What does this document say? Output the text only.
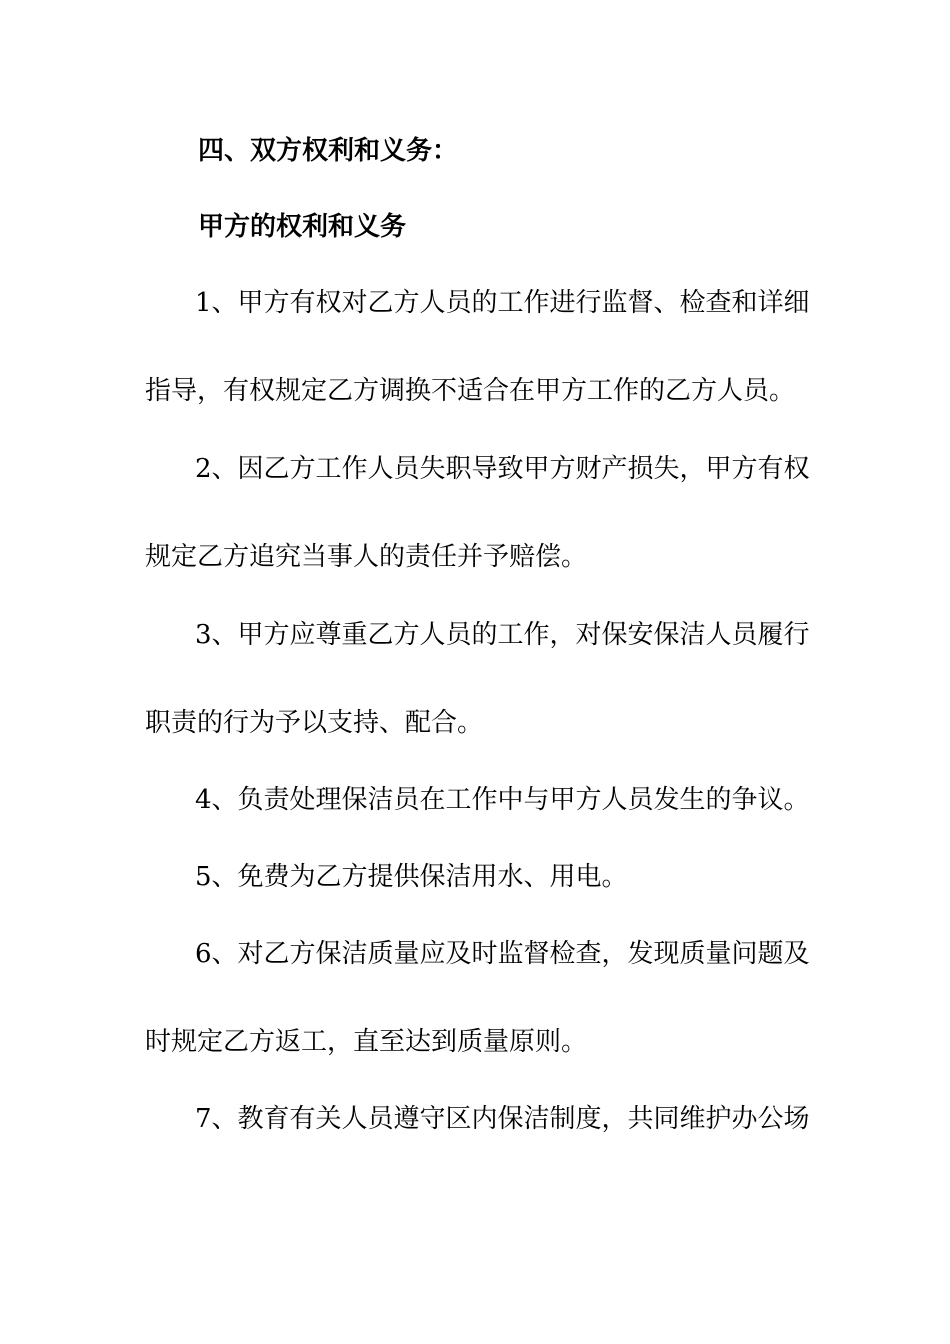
四、双方权利和义务：
甲方的权利和义务
1、甲方有权对乙方人员的工作进行监督、检查和详细
指导，有权规定乙方调换不适合在甲方工作的乙方人员。
2、因乙方工作人员失职导致甲方财产损失，甲方有权
规定乙方追究当事人的责任并予赔偿。
3、甲方应尊重乙方人员的工作，对保安保洁人员履行
职责的行为予以支持、配合。
4、负责处理保洁员在工作中与甲方人员发生的争议。
5、免费为乙方提供保洁用水、用电。
6、对乙方保洁质量应及时监督检查，发现质量问题及
时规定乙方返工，直至达到质量原则。
7、教育有关人员遵守区内保洁制度，共同维护办公场
